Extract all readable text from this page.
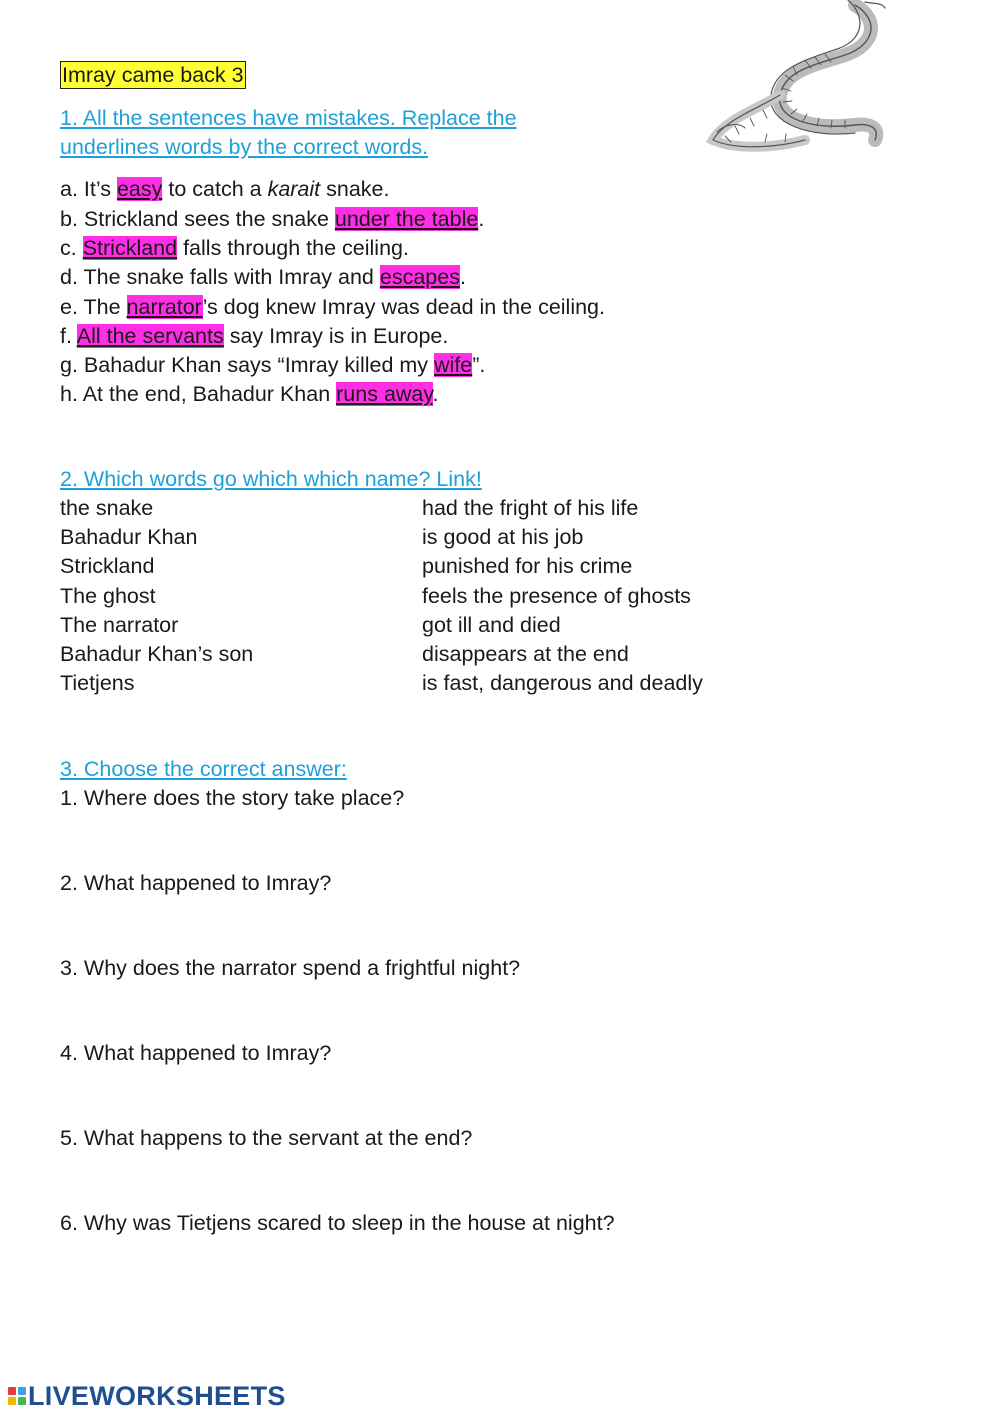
Imray came back 3
1. All the sentences have mistakes. Replace the
underlines words by the correct words.
a. It’s easy to catch a karait snake.
b. Strickland sees the snake under the table.
c. Strickland falls through the ceiling.
d. The snake falls with Imray and escapes.
e. The narrator’s dog knew Imray was dead in the ceiling.
f. All the servants say Imray is in Europe.
g. Bahadur Khan says “Imray killed my wife”.
h. At the end, Bahadur Khan runs away.
2. Which words go which which name? Link!
the snake
Bahadur Khan
Strickland
The ghost
The narrator
Bahadur Khan’s son
Tietjens
had the fright of his life
is good at his job
punished for his crime
feels the presence of ghosts
got ill and died
disappears at the end
is fast, dangerous and deadly
3. Choose the correct answer:
1. Where does the story take place?
2. What happened to Imray?
3. Why does the narrator spend a frightful night?
4. What happened to Imray?
5. What happens to the servant at the end?
6. Why was Tietjens scared to sleep in the house at night?
LIVEWORKSHEETS
